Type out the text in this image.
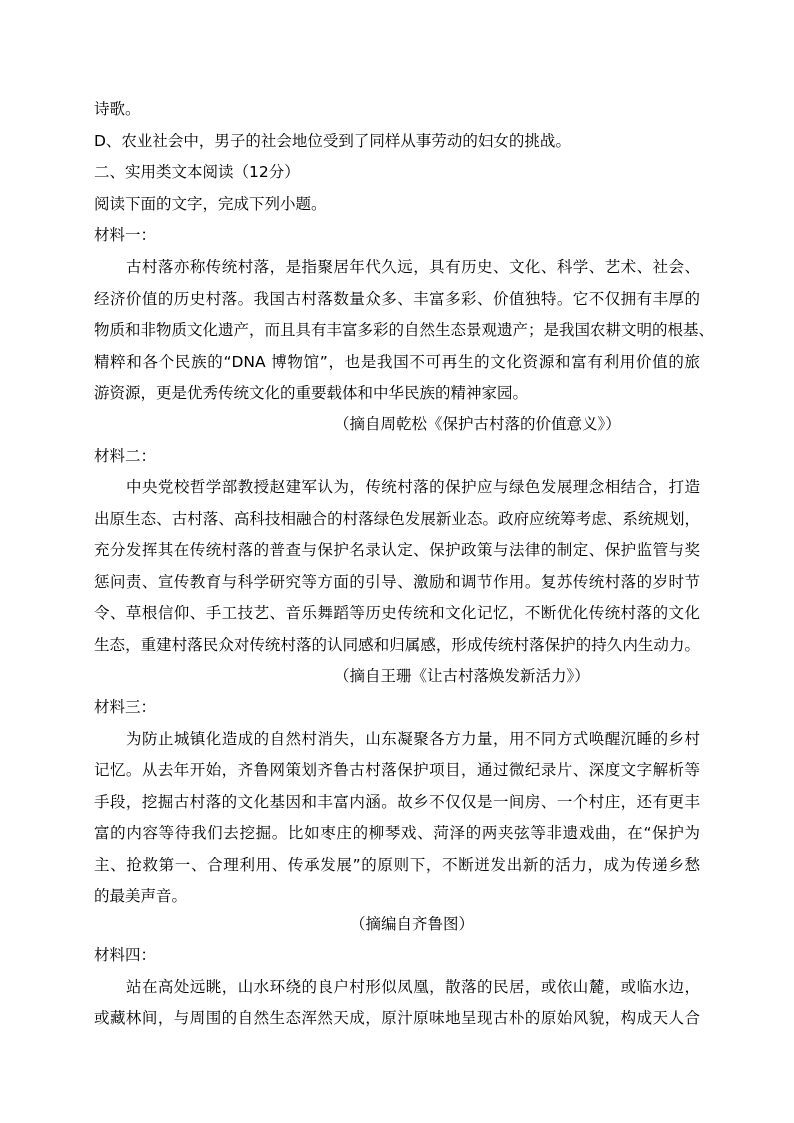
诗歌。
D、农业社会中，男子的社会地位受到了同样从事劳动的妇女的挑战。
二、实用类文本阅读（12分）
阅读下面的文字，完成下列小题。
材料一：
古村落亦称传统村落，是指聚居年代久远，具有历史、文化、科学、艺术、社会、
经济价值的历史村落。我国古村落数量众多、丰富多彩、价值独特。它不仅拥有丰厚的
物质和非物质文化遗产，而且具有丰富多彩的自然生态景观遗产；是我国农耕文明的根基、
精粹和各个民族的“DNA 博物馆”，也是我国不可再生的文化资源和富有利用价值的旅
游资源，更是优秀传统文化的重要载体和中华民族的精神家园。
（摘自周乾松《保护古村落的价值意义》）
材料二：
中央党校哲学部教授赵建军认为，传统村落的保护应与绿色发展理念相结合，打造
出原生态、古村落、高科技相融合的村落绿色发展新业态。政府应统筹考虑、系统规划，
充分发挥其在传统村落的普查与保护名录认定、保护政策与法律的制定、保护监管与奖
惩问责、宣传教育与科学研究等方面的引导、激励和调节作用。复苏传统村落的岁时节
令、草根信仰、手工技艺、音乐舞蹈等历史传统和文化记忆，不断优化传统村落的文化
生态，重建村落民众对传统村落的认同感和归属感，形成传统村落保护的持久内生动力。
（摘自王珊《让古村落焕发新活力》）
材料三：
为防止城镇化造成的自然村消失，山东凝聚各方力量，用不同方式唤醒沉睡的乡村
记忆。从去年开始，齐鲁网策划齐鲁古村落保护项目，通过微纪录片、深度文字解析等
手段，挖掘古村落的文化基因和丰富内涵。故乡不仅仅是一间房、一个村庄，还有更丰
富的内容等待我们去挖掘。比如枣庄的柳琴戏、菏泽的两夹弦等非遗戏曲，在“保护为
主、抢救第一、合理利用、传承发展”的原则下，不断迸发出新的活力，成为传递乡愁
的最美声音。
（摘编自齐鲁图）
材料四：
站在高处远眺，山水环绕的良户村形似凤凰，散落的民居，或依山麓，或临水边，
或藏林间，与周围的自然生态浑然天成，原汁原味地呈现古朴的原始风貌，构成天人合
